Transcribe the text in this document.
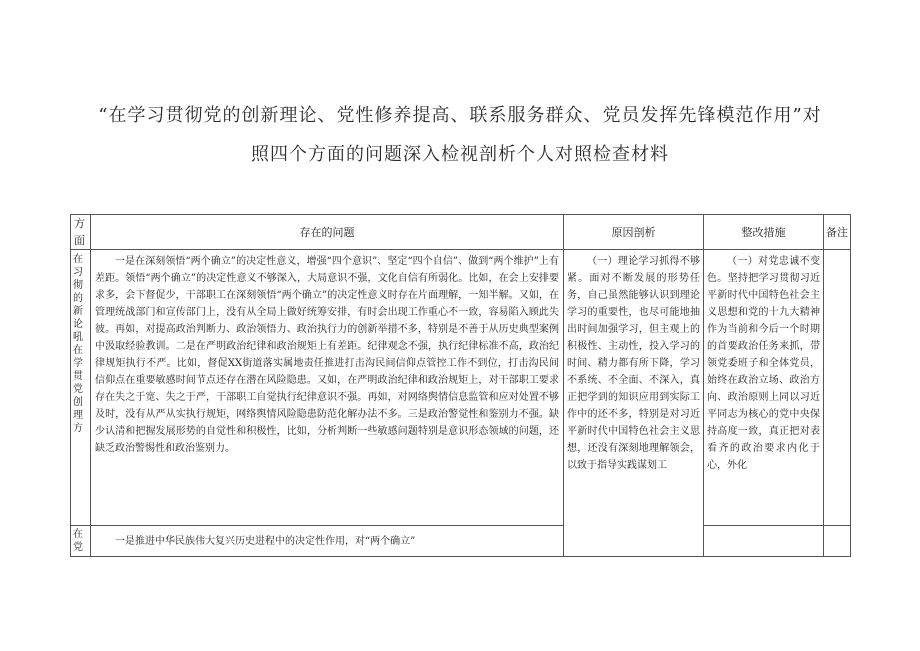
“在学习贯彻党的创新理论、党性修养提高、联系服务群众、党员发挥先锋模范作用”对
照四个方面的问题深入检视剖析个人对照检查材料
方面	存在的问题	原因剖析	整改措施	备注
在习彻的新论吼在学贯党创理方	一是在深刻领悟“两个确立”的决定性意义，增强“四个意识”、坚定“四个自信”、做到“两个维护”上有差距。领悟“两个确立”的决定性意义不够深入，大局意识不强，文化自信有所弱化。比如，在会上安排要求多，会下督促少，干部职工在深刻领悟“两个确立”的决定性意义时存在片面理解，一知半解。又如，在管理统战部门和宣传部门上，没有从全局上做好统筹安排，有时会出现工作重心不一致，容易陷入顾此失彼。再如，对提高政治判断力、政治领悟力、政治执行力的创新举措不多，特别是不善于从历史典型案例中汲取经验教训。二是在严明政治纪律和政治规矩上有差距。纪律观念不强，执行纪律标准不高，政治纪律规矩执行不严。比如，督促XX街道落实属地责任推进打击沟民间信仰点管控工作不到位，打击沟民间信仰点在重要敏感时间节点还存在潜在风险隐患。又如，在严明政治纪律和政治规矩上，对干部职工要求存在失之于宽、失之于严，干部职工自觉执行纪律意识不强。再如，对网络舆情信息监管和应对处置不够及时，没有从严从实执行规矩，网络舆情风险隐患防范化解办法不多。三是政治警觉性和鉴别力不强。缺少认清和把握发展形势的自觉性和积极性，比如，分析判断一些敏感问题特别是意识形态领域的问题，还缺乏政治警惕性和政治鉴别力。	（一）理论学习抓得不够紧。面对不断发展的形势任务，自己虽然能够认识到理论学习的重要性，也尽可能地抽出时间加强学习，但主观上的积极性、主动性，投入学习的时间、精力都有所下降，学习不系统、不全面、不深入，真正把学到的知识应用到实际工作中的还不多，特别是对习近平新时代中国特色社会主义思想，还没有深刻地理解领会，以致于指导实践谋划工	（一）对党忠诚不变色。坚持把学习贯彻习近平新时代中国特色社会主义思想和党的十九大精神作为当前和今后一个时期的首要政治任务来抓，带领党委班子和全体党员，始终在政治立场、政治方向、政治原则上同以习近平同志为核心的党中央保持高度一致，真正把对表看齐的政治要求内化于心，外化	

在党	一是推进中华民族伟大复兴历史进程中的决定性作用，对“两个确立”			
